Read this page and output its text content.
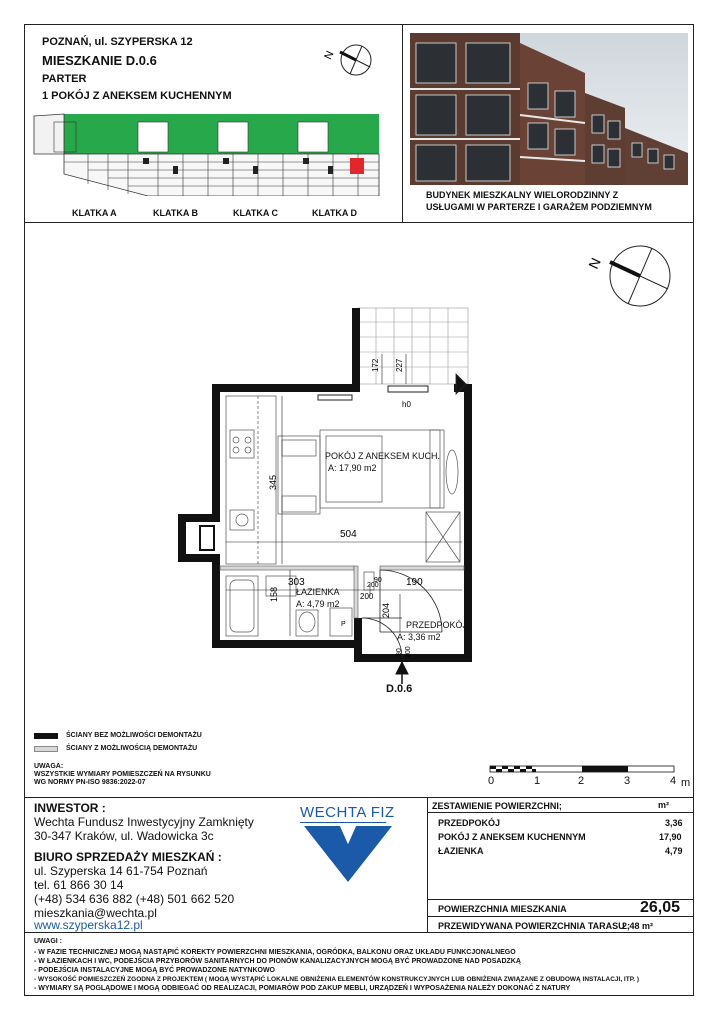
POZNAŃ, ul. SZYPERSKA 12
MIESZKANIE D.0.6
PARTER
1 POKÓJ Z ANEKSEM KUCHENNYM
N
KLATKA A	KLATKA B	KLATKA C	KLATKA D
BUDYNEK MIESZKALNY WIELORODZINNY Z
USŁUGAMI W PARTERZE I GARAŻEM PODZIEMNYM
N
345
504
303	190
158
204
172 227
200
h0
90 200
90
200
P
POKÓJ Z ANEKSEM KUCH.
A: 17,90 m2
ŁAZIENKA
A: 4,79 m2
PRZEDPOKÓJ
A: 3,36 m2
D.0.6
ŚCIANY BEZ MOŻLIWOŚCI DEMONTAŻU
ŚCIANY Z MOŻLIWOŚCIĄ DEMONTAŻU
UWAGA:
WSZYSTKIE WYMIARY POMIESZCZEŃ NA RYSUNKU
WG NORMY PN-ISO 9836:2022-07	0	1	2	3	4 m
INWESTOR :
Wechta Fundusz Inwestycyjny Zamknięty
30-347 Kraków, ul. Wadowicka 3c
BIURO SPRZEDAŻY MIESZKAŃ :
ul. Szyperska 14 61-754 Poznań
tel. 61 866 30 14
(+48) 534 636 882 (+48) 501 662 520
mieszkania@wechta.pl
www.szyperska12.pl
WECHTA FIZ	ZESTAWIENIE POWIERZCHNI;	m²
PRZEDPOKÓJ	3,36
POKÓJ Z ANEKSEM KUCHENNYM	17,90
ŁAZIENKA	4,79
POWIERZCHNIA MIESZKANIA	26,05
PRZEWIDYWANA POWIERZCHNIA TARASU :
2,48 m²
UWAGI :
- W FAZIE TECHNICZNEJ MOGĄ NASTĄPIĆ KOREKTY POWIERZCHNI MIESZKANIA, OGRÓDKA, BALKONU ORAZ UKŁADU FUNKCJONALNEGO
- W ŁAZIENKACH I WC, PODEJŚCIA PRZYBORÓW SANITARNYCH DO PIONÓW KANALIZACYJNYCH MOGĄ BYĆ PROWADZONE NAD POSADZKĄ
- PODEJŚCIA INSTALACYJNE MOGĄ BYĆ PROWADZONE NATYNKOWO
- WYSOKOŚĆ POMIESZCZEŃ ZGODNA Z PROJEKTEM ( MOGĄ WYSTĄPIĆ LOKALNE OBNIŻENIA ELEMENTÓW KONSTRUKCYJNYCH LUB OBNIŻENIA ZWIĄZANE Z OBUDOWĄ INSTALACJI, ITP. )
- WYMIARY SĄ POGLĄDOWE I MOGĄ ODBIEGAĆ OD REALIZACJI, POMIARÓW POD ZAKUP MEBLI, URZĄDZEŃ I WYPOSAŻENIA NALEŻY DOKONAĆ Z NATURY
